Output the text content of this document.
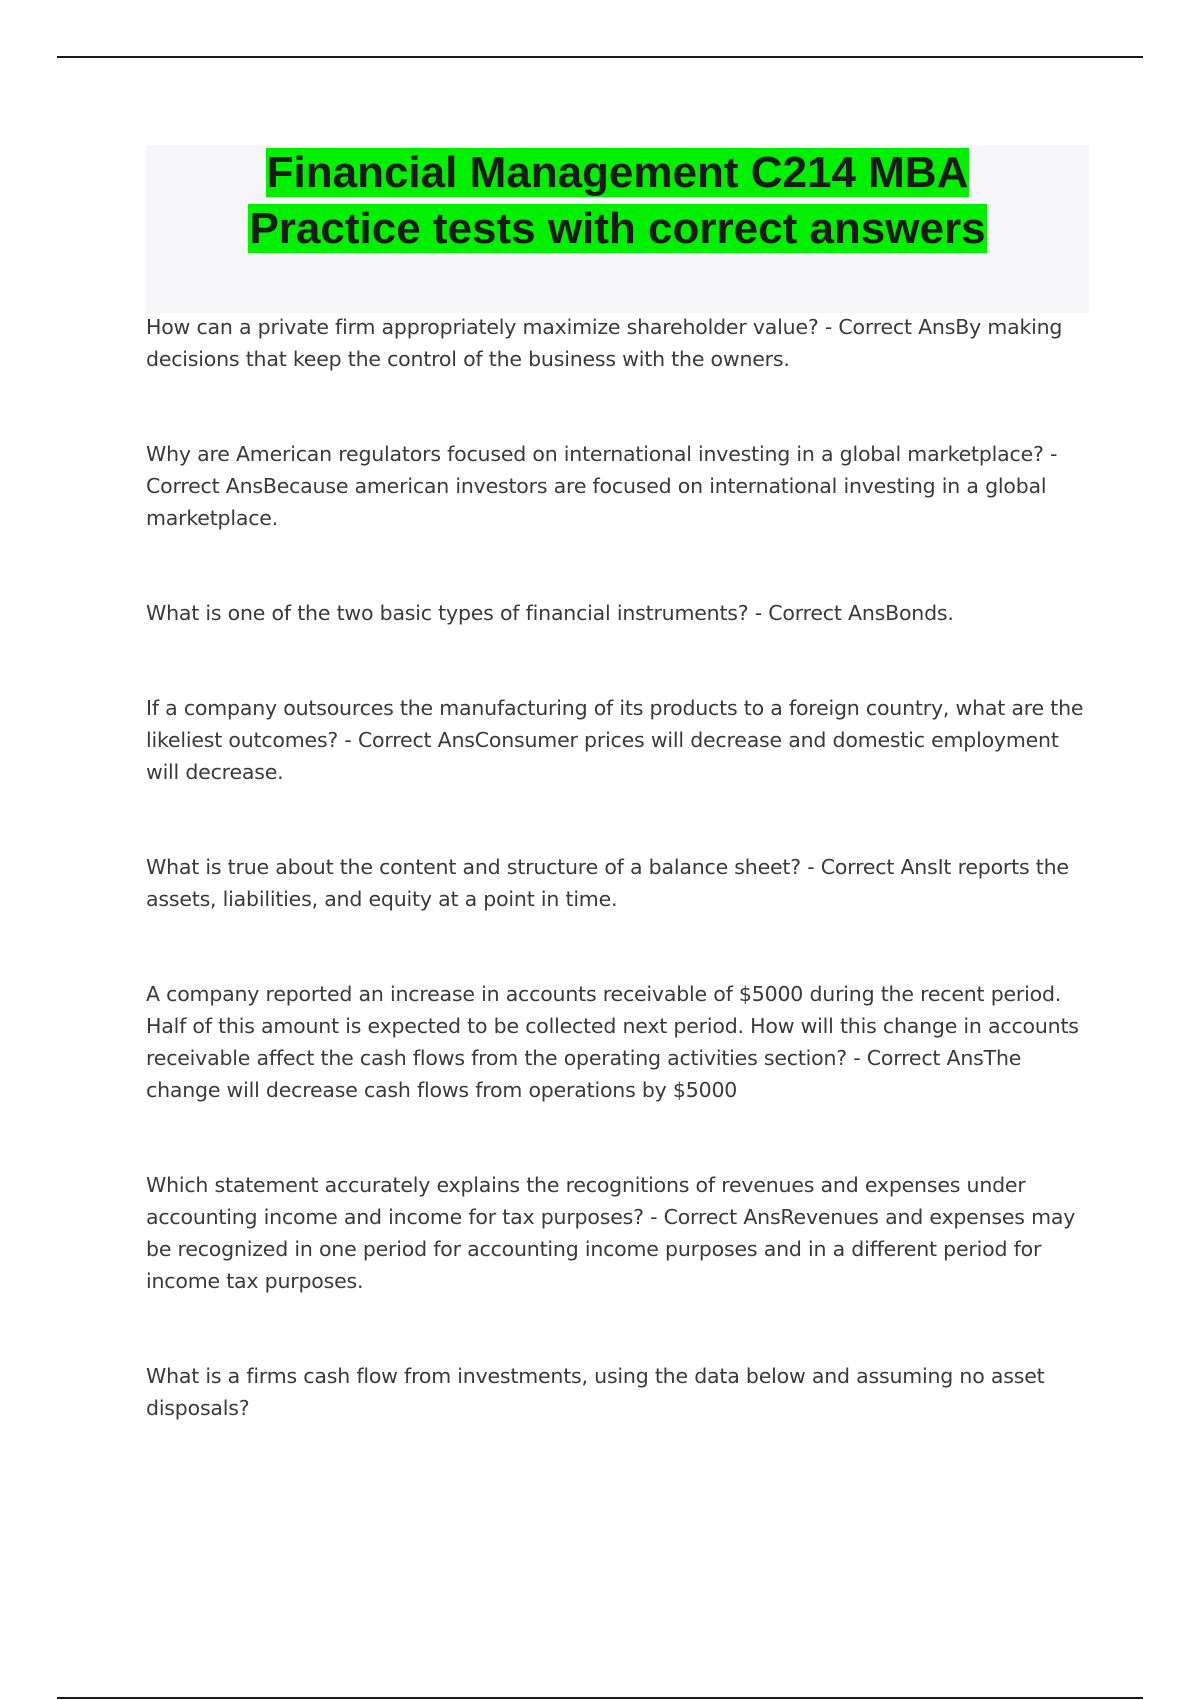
Financial Management C214 MBA
Practice tests with correct answers
How can a private firm appropriately maximize shareholder value? - Correct AnsBy making decisions that keep the control of the business with the owners.
Why are American regulators focused on international investing in a global marketplace? - Correct AnsBecause american investors are focused on international investing in a global marketplace.
What is one of the two basic types of financial instruments? - Correct AnsBonds.
If a company outsources the manufacturing of its products to a foreign country, what are the likeliest outcomes? - Correct AnsConsumer prices will decrease and domestic employment will decrease.
What is true about the content and structure of a balance sheet? - Correct AnsIt reports the assets, liabilities, and equity at a point in time.
A company reported an increase in accounts receivable of $5000 during the recent period. Half of this amount is expected to be collected next period. How will this change in accounts receivable affect the cash flows from the operating activities section? - Correct AnsThe change will decrease cash flows from operations by $5000
Which statement accurately explains the recognitions of revenues and expenses under accounting income and income for tax purposes? - Correct AnsRevenues and expenses may be recognized in one period for accounting income purposes and in a different period for income tax purposes.
What is a firms cash flow from investments, using the data below and assuming no asset disposals?
